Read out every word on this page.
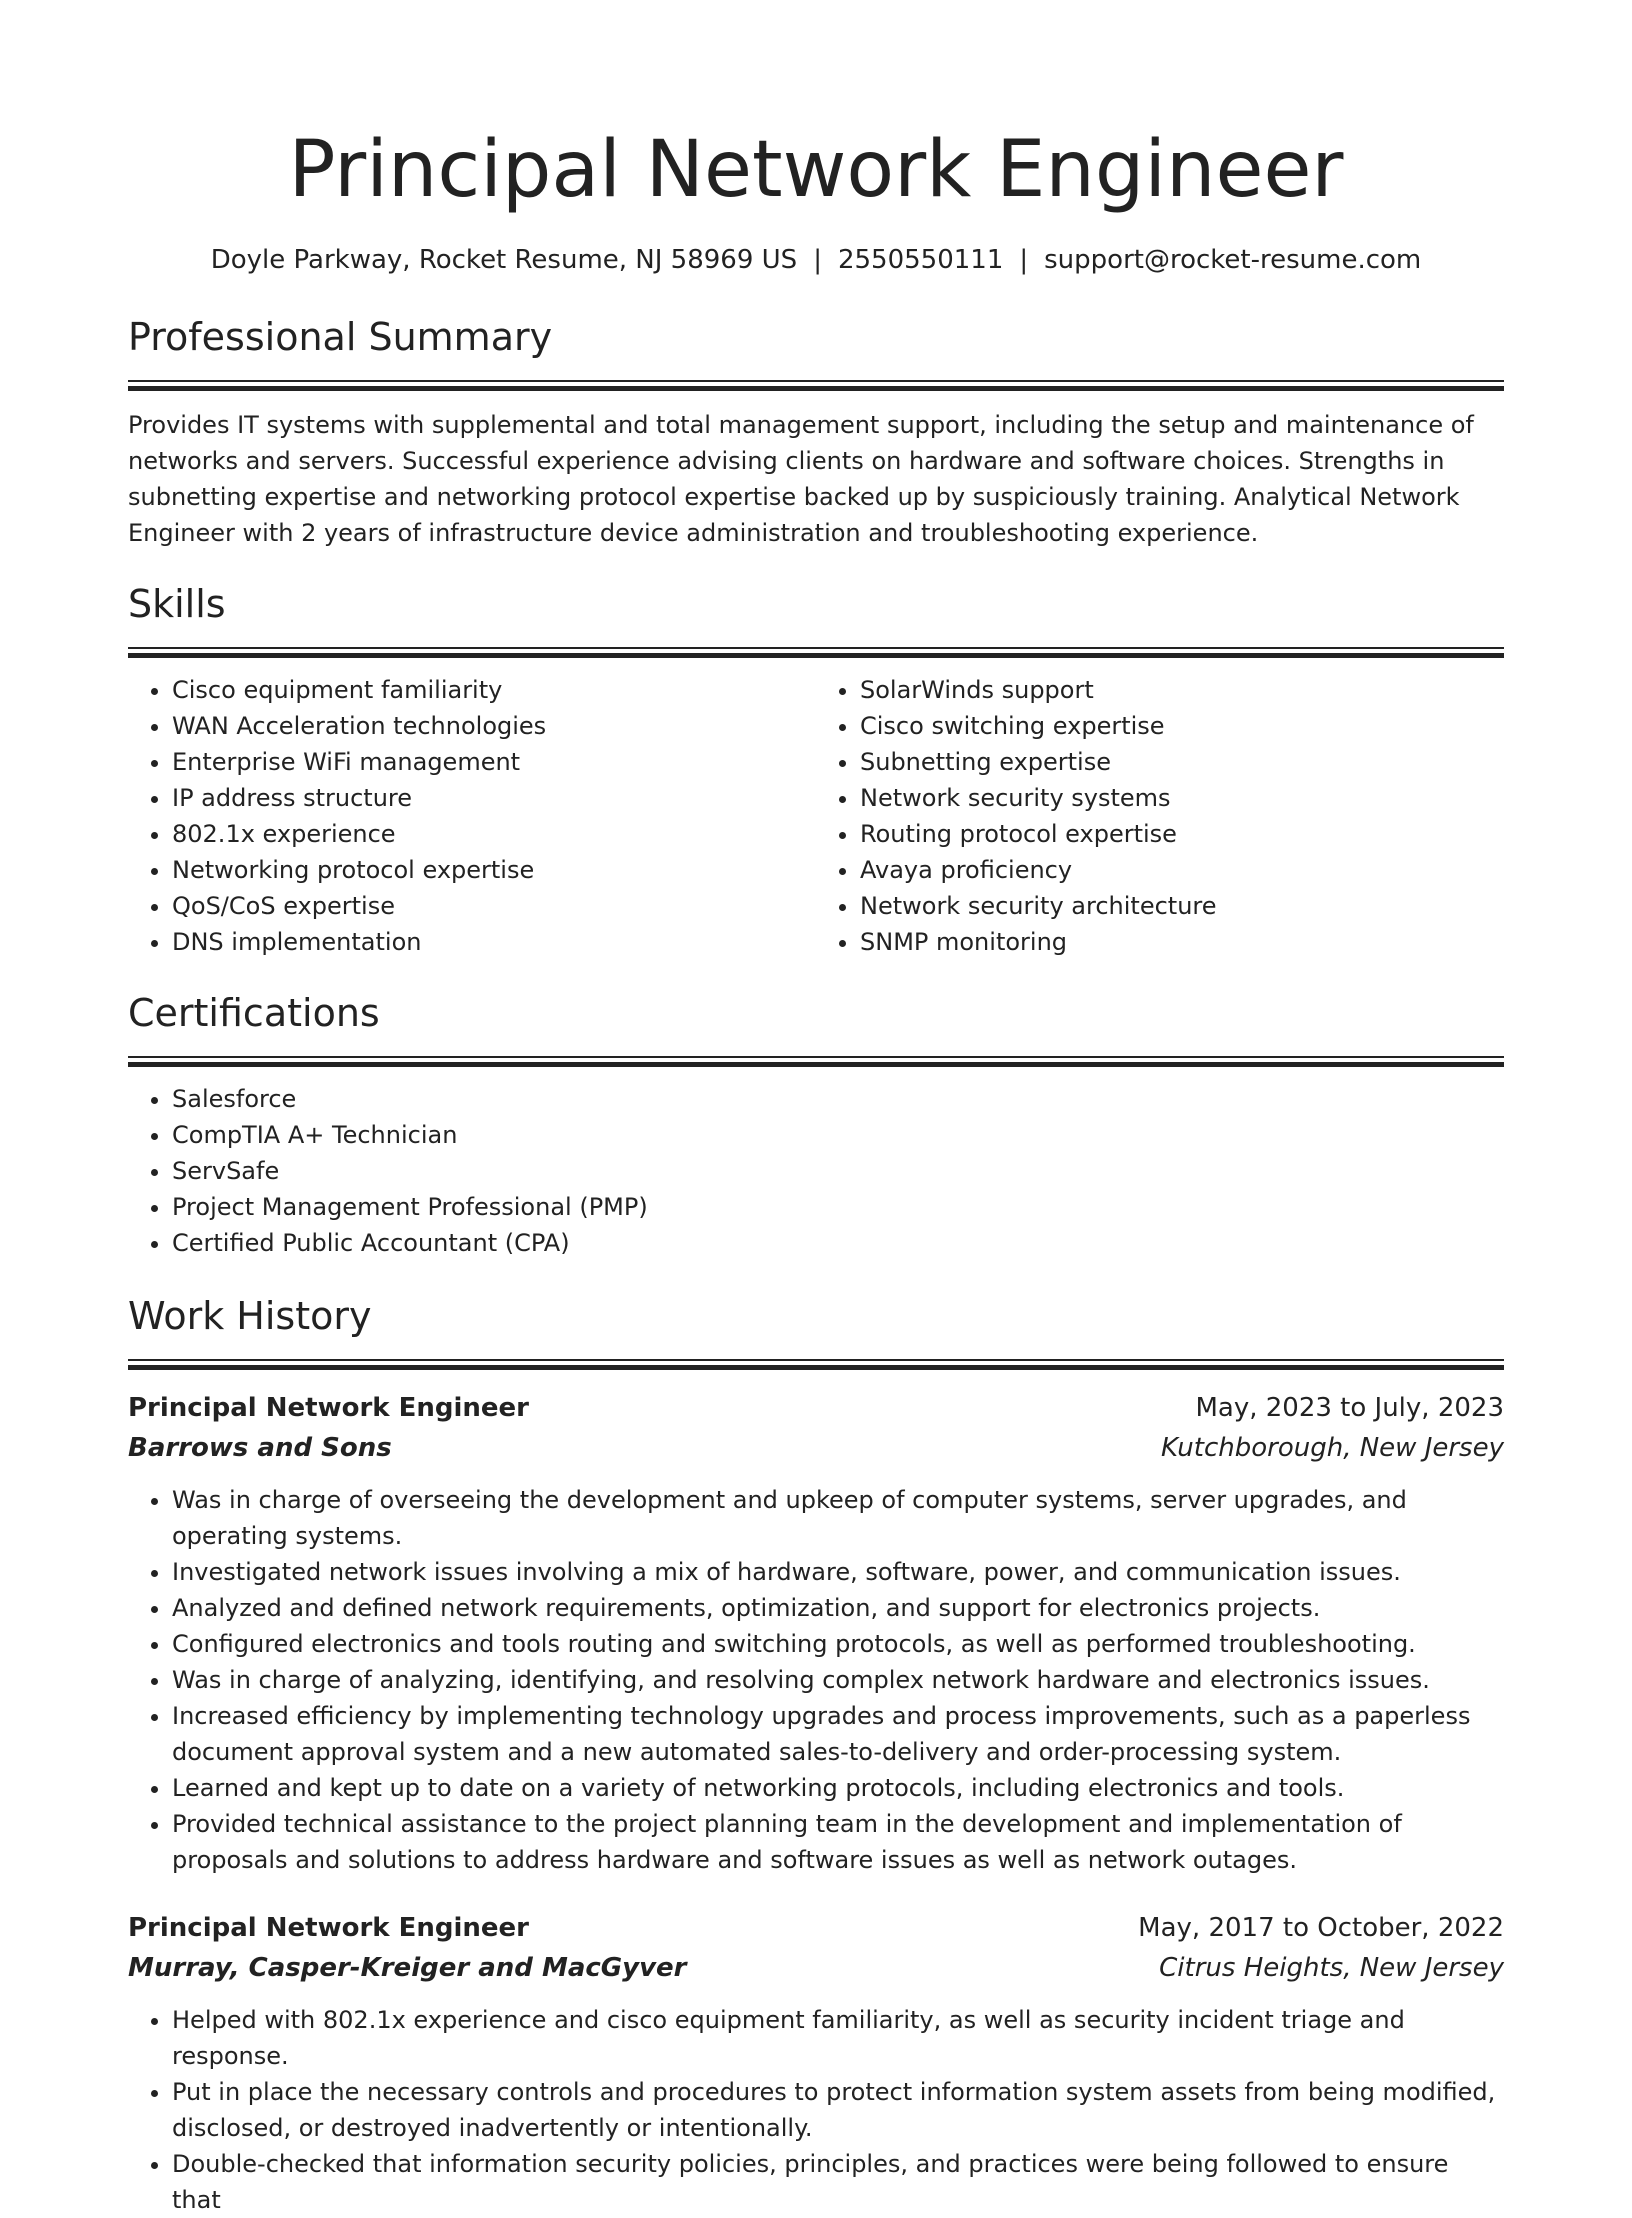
Principal Network Engineer
Doyle Parkway, Rocket Resume, NJ 58969 US | 2550550111 | support@rocket-resume.com
Professional Summary

Provides IT systems with supplemental and total management support, including the setup and maintenance of networks and servers. Successful experience advising clients on hardware and software choices. Strengths in subnetting expertise and networking protocol expertise backed up by suspiciously training. Analytical Network Engineer with 2 years of infrastructure device administration and troubleshooting experience.

Skills
• Cisco equipment familiarity
• WAN Acceleration technologies
• Enterprise WiFi management
• IP address structure
• 802.1x experience
• Networking protocol expertise
• QoS/CoS expertise
• DNS implementation
• SolarWinds support
• Cisco switching expertise
• Subnetting expertise
• Network security systems
• Routing protocol expertise
• Avaya proficiency
• Network security architecture
• SNMP monitoring
Certifications
• Salesforce
• CompTIA A+ Technician
• ServSafe
• Project Management Professional (PMP)
• Certified Public Accountant (CPA)
Work History
Principal Network Engineer	May, 2023 to July, 2023
Barrows and Sons	Kutchborough, New Jersey
• Was in charge of overseeing the development and upkeep of computer systems, server upgrades, and operating systems.
• Investigated network issues involving a mix of hardware, software, power, and communication issues.
• Analyzed and defined network requirements, optimization, and support for electronics projects.
• Configured electronics and tools routing and switching protocols, as well as performed troubleshooting.
• Was in charge of analyzing, identifying, and resolving complex network hardware and electronics issues.
• Increased efficiency by implementing technology upgrades and process improvements, such as a paperless document approval system and a new automated sales-to-delivery and order-processing system.
• Learned and kept up to date on a variety of networking protocols, including electronics and tools.
• Provided technical assistance to the project planning team in the development and implementation of proposals and solutions to address hardware and software issues as well as network outages.
Principal Network Engineer	May, 2017 to October, 2022
Murray, Casper-Kreiger and MacGyver	Citrus Heights, New Jersey
• Helped with 802.1x experience and cisco equipment familiarity, as well as security incident triage and response.
• Put in place the necessary controls and procedures to protect information system assets from being modified, disclosed, or destroyed inadvertently or intentionally.
• Double-checked that information security policies, principles, and practices were being followed to ensure that
